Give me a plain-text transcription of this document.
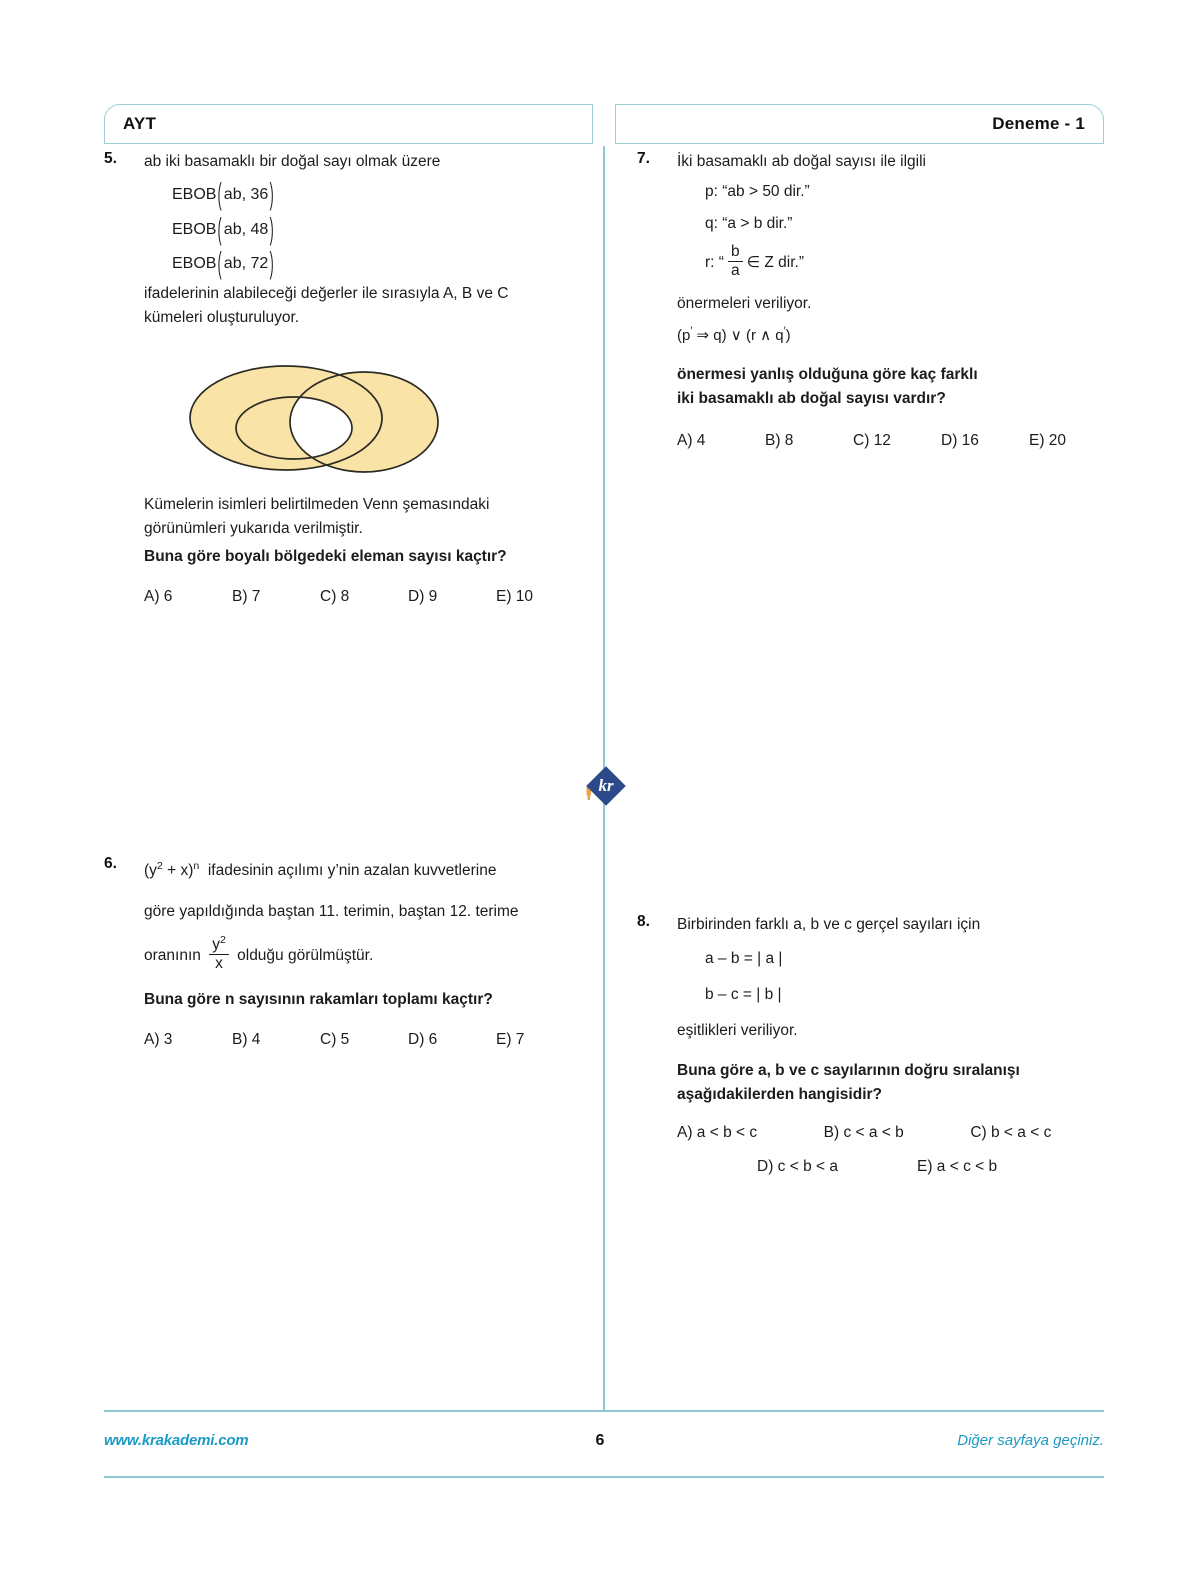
AYT	Deneme - 1
5.	ab iki basamaklı bir doğal sayı olmak üzere

EBOB ( ab, 36 )
EBOB ( ab, 48 )
EBOB ( ab, 72 )

ifadelerinin alabileceği değerler ile sırasıyla A, B ve C

kümeleri oluşturuluyor.

Kümelerin isimleri belirtilmeden Venn şemasındaki

görünümleri yukarıda verilmiştir.

Buna göre boyalı bölgedeki eleman sayısı kaçtır?

A) 6	B) 7	C) 8	D) 9	E) 10
6.	$(y^2 + x)^n$ ifadesinin açılımı y’nin azalan kuvvetlerine

göre yapıldığında baştan 11. terimin, baştan 12. terime

oranının $\frac{y^2}{x}$ olduğu görülmüştür.

Buna göre n sayısının rakamları toplamı kaçtır?

A) 3	B) 4	C) 5	D) 6	E) 7
7.	İki basamaklı ab doğal sayısı ile ilgili

p: “ab > 50 dir.”

q: “a > b dir.”

r: “ $\frac{b}{a}$ ∈ Z dir.”

önermeleri veriliyor.

(p′ ⇒ q) ∨ (r ∧ q′)

önermesi yanlış olduğuna göre kaç farklı

iki basamaklı ab doğal sayısı vardır?

A) 4	B) 8	C) 12	D) 16	E) 20
8.	Birbirinden farklı a, b ve c gerçel sayıları için

a – b = | a |

b – c = | b |

eşitlikleri veriliyor.

Buna göre a, b ve c sayılarının doğru sıralanışı

aşağıdakilerden hangisidir?

A) a < b < c	B) c < a < b	C) b < a < c
D) c < b < a	E) a < c < b
kr
www.krakademi.com	6	Diğer sayfaya geçiniz.
